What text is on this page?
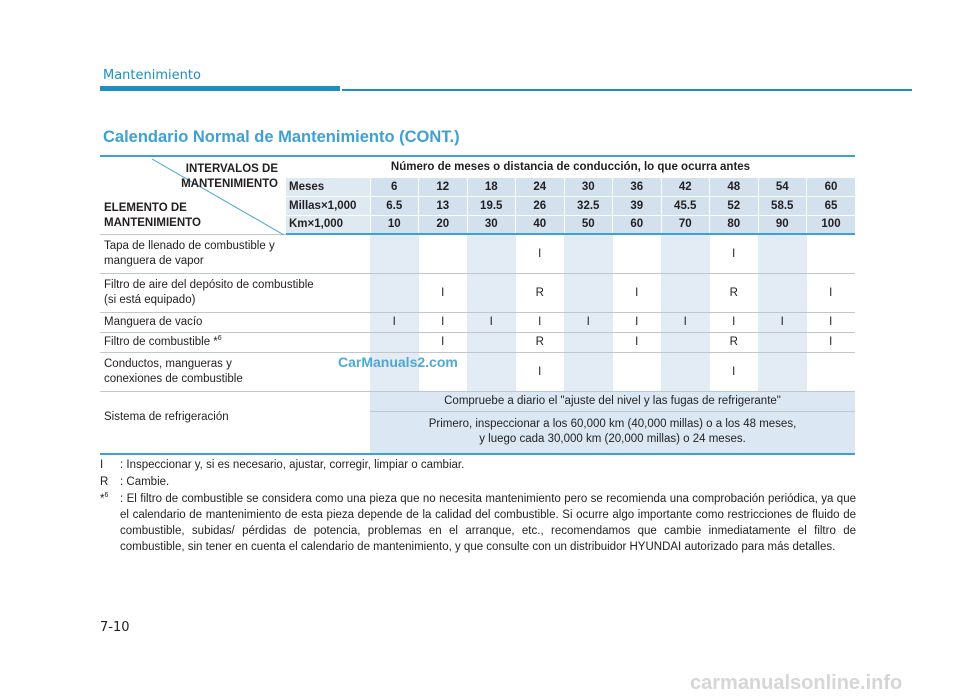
Mantenimiento
Calendario Normal de Mantenimiento (CONT.)
INTERVALOS DE
MANTENIMIENTO
ELEMENTO DE
MANTENIMIENTO	Número de meses o distancia de conducción, lo que ocurra antes										
	Meses	6	12	18	24	30	36	42	48	54	60
	Millas×1,000	6.5	13	19.5	26	32.5	39	45.5	52	58.5	65
	Km×1,000	10	20	30	40	50	60	70	80	90	100
Tapa de llenado de combustible y
manguera de vapor					I				I		
Filtro de aire del depósito de combustible
(si está equipado)			I		R		I		R		I
Manguera de vacío		I	I	I	I	I	I	I	I	I	I
Filtro de combustible *$^6$			I		R		I		R		I
Conductos, mangueras y
conexiones de combustible					I				I		
Sistema de refrigeración		Compruebe a diario el "ajuste del nivel y las fugas de refrigerante"									
		Primero, inspeccionar a los 60,000 km (40,000 millas) o a los 48 meses,
y luego cada 30,000 km (20,000 millas) o 24 meses.									
I : Inspeccionar y, si es necesario, ajustar, corregir, limpiar o cambiar.
R : Cambie.
*$^6$ : El filtro de combustible se considera como una pieza que no necesita mantenimiento pero se recomienda una comprobación periódica, ya que el calendario de mantenimiento de esta pieza depende de la calidad del combustible. Si ocurre algo importante como restricciones de fluido de combustible, subidas/ pérdidas de potencia, problemas en el arranque, etc., recomendamos que cambie inmediatamente el filtro de combustible, sin tener en cuenta el calendario de mantenimiento, y que consulte con un distribuidor HYUNDAI autorizado para más detalles.
7-10
CarManuals2.com
carmanualsonline.info
